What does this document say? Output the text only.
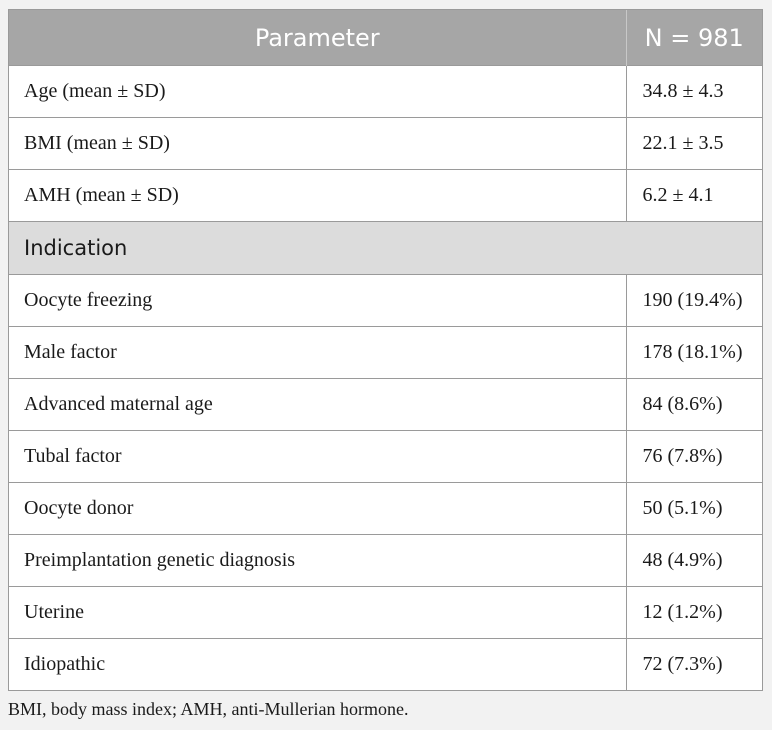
Parameter	N = 981
Age (mean ± SD)	34.8 ± 4.3
BMI (mean ± SD)	22.1 ± 3.5
AMH (mean ± SD)	6.2 ± 4.1
Indication	
Oocyte freezing	190 (19.4%)
Male factor	178 (18.1%)
Advanced maternal age	84 (8.6%)
Tubal factor	76 (7.8%)
Oocyte donor	50 (5.1%)
Preimplantation genetic diagnosis	48 (4.9%)
Uterine	12 (1.2%)
Idiopathic	72 (7.3%)
BMI, body mass index; AMH, anti-Mullerian hormone.
